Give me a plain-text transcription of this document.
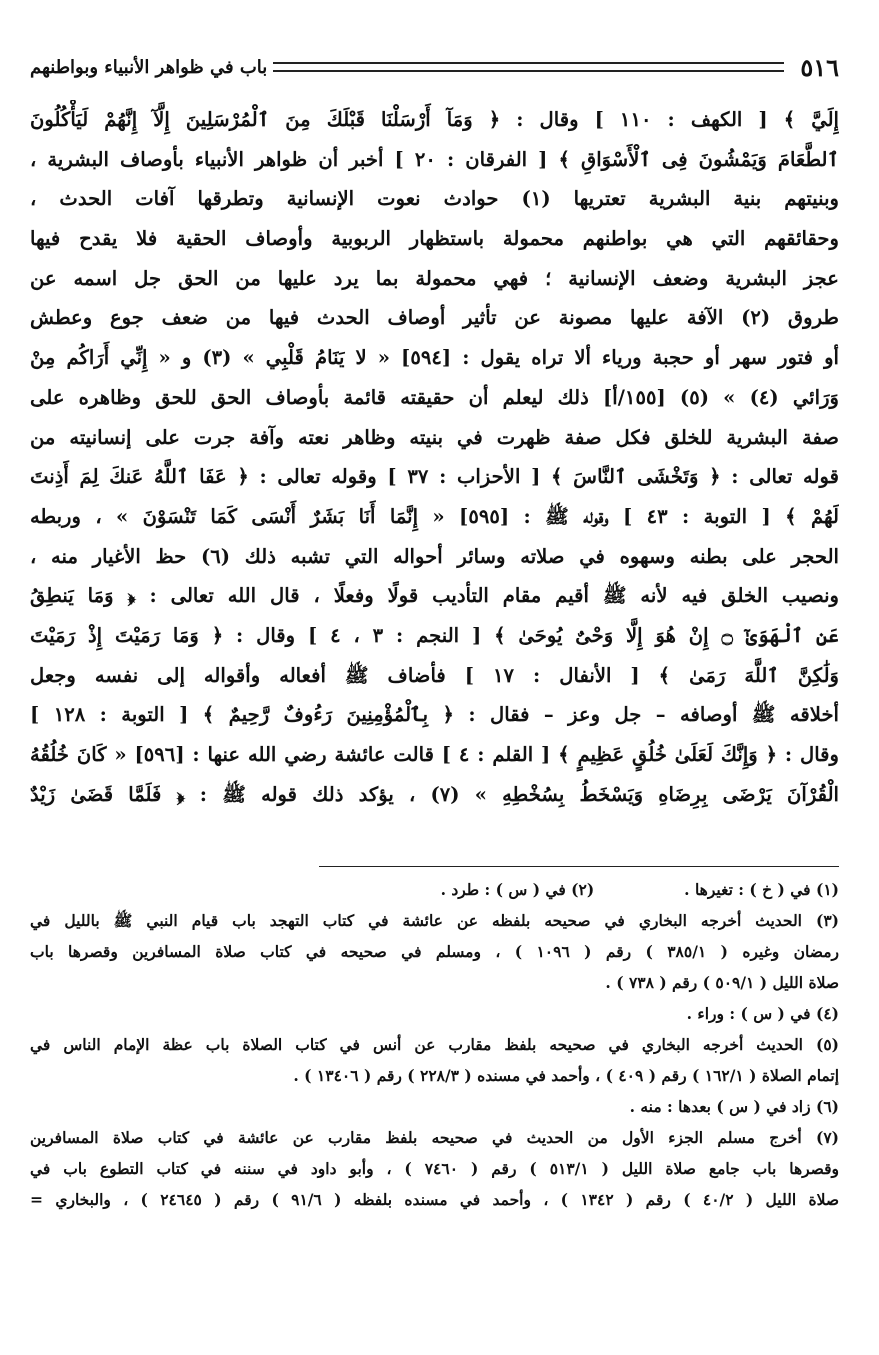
٥١٦
باب في ظواهر الأنبياء وبواطنهم
إِلَيَّ ﴾ [ الكهف : ١١٠ ] وقال : ﴿ وَمَآ أَرْسَلْنَا قَبْلَكَ مِنَ ٱلْمُرْسَلِينَ إِلَّآ إِنَّهُمْ لَيَأْكُلُونَ
ٱلطَّعَامَ وَيَمْشُونَ فِى ٱلْأَسْوَاقِ ﴾ [ الفرقان : ٢٠ ] أخبر أن ظواهر الأنبياء بأوصاف البشرية ،
وبنيتهم بنية البشرية تعتريها (١) حوادث نعوت الإنسانية وتطرقها آفات الحدث ،
وحقائقهم التي هي بواطنهم محمولة باستظهار الربوبية وأوصاف الحقية فلا يقدح فيها
عجز البشرية وضعف الإنسانية ؛ فهي محمولة بما يرد عليها من الحق جل اسمه عن
طروق (٢) الآفة عليها مصونة عن تأثير أوصاف الحدث فيها من ضعف جوع وعطش
أو فتور سهر أو حجبة ورياء ألا تراه يقول : [٥٩٤] « لا يَنَامُ قَلْبِي » (٣) و « إِنِّي أَرَاكُم مِنْ
وَرَائي (٤) » (٥) [١٥٥/أ] ذلك ليعلم أن حقيقته قائمة بأوصاف الحق للحق وظاهره على
صفة البشرية للخلق فكل صفة ظهرت في بنيته وظاهر نعته وآفة جرت على إنسانيته من
قوله تعالى : ﴿ وَتَخْشَى ٱلنَّاسَ ﴾ [ الأحزاب : ٣٧ ] وقوله تعالى : ﴿ عَفَا ٱللَّهُ عَنكَ لِمَ أَذِنتَ
لَهُمْ ﴾ [ التوبة : ٤٣ ] وقوله ﷺ : [٥٩٥] « إِنَّمَا أَنَا بَشَرٌ أَنْسَى كَمَا تَنْسَوْنَ » ، وربطه
الحجر على بطنه وسهوه في صلاته وسائر أحواله التي تشبه ذلك (٦) حظ الأغيار منه ،
ونصيب الخلق فيه لأنه ﷺ أقيم مقام التأديب قولًا وفعلًا ، قال الله تعالى : ﴿ وَمَا يَنطِقُ
عَنِ ٱلْهَوَىٰٓ ۝ إِنْ هُوَ إِلَّا وَحْىٌ يُوحَىٰ ﴾ [ النجم : ٣ ، ٤ ] وقال : ﴿ وَمَا رَمَيْتَ إِذْ رَمَيْتَ
وَلَٰكِنَّ ٱللَّهَ رَمَىٰ ﴾ [ الأنفال : ١٧ ] فأضاف ﷺ أفعاله وأقواله إلى نفسه وجعل
أخلاقه ﷺ أوصافه – جل وعز – فقال : ﴿ بِٱلْمُؤْمِنِينَ رَءُوفٌ رَّحِيمٌ ﴾ [ التوبة : ١٢٨ ]
وقال : ﴿ وَإِنَّكَ لَعَلَىٰ خُلُقٍ عَظِيمٍ ﴾ [ القلم : ٤ ] قالت عائشة رضي الله عنها : [٥٩٦] « كَانَ خُلُقُهُ
الْقُرْآنَ يَرْضَى بِرِضَاهِ وَيَسْخَطُ بِسُخْطِهِ » (٧) ، يؤكد ذلك قوله ﷺ : ﴿ فَلَمَّا قَضَىٰ زَيْدٌ
(١) في ( خ ) : تغيرها .
(٢) في ( س ) : طرد .
(٣) الحديث أخرجه البخاري في صحيحه بلفظه عن عائشة في كتاب التهجد باب قيام النبي ﷺ بالليل في
رمضان وغيره ( ٣٨٥/١ ) رقم ( ١٠٩٦ ) ، ومسلم في صحيحه في كتاب صلاة المسافرين وقصرها باب
صلاة الليل ( ٥٠٩/١ ) رقم ( ٧٣٨ ) .
(٤) في ( س ) : وراء .
(٥) الحديث أخرجه البخاري في صحيحه بلفظ مقارب عن أنس في كتاب الصلاة باب عظة الإمام الناس في
إتمام الصلاة ( ١٦٢/١ ) رقم ( ٤٠٩ ) ، وأحمد في مسنده ( ٢٢٨/٣ ) رقم ( ١٣٤٠٦ ) .
(٦) زاد في ( س ) بعدها : منه .
(٧) أخرج مسلم الجزء الأول من الحديث في صحيحه بلفظ مقارب عن عائشة في كتاب صلاة المسافرين
وقصرها باب جامع صلاة الليل ( ٥١٣/١ ) رقم ( ٧٤٦٠ ) ، وأبو داود في سننه في كتاب التطوع باب في
صلاة الليل ( ٤٠/٢ ) رقم ( ١٣٤٢ ) ، وأحمد في مسنده بلفظه ( ٩١/٦ ) رقم ( ٢٤٦٤٥ ) ، والبخاري =
